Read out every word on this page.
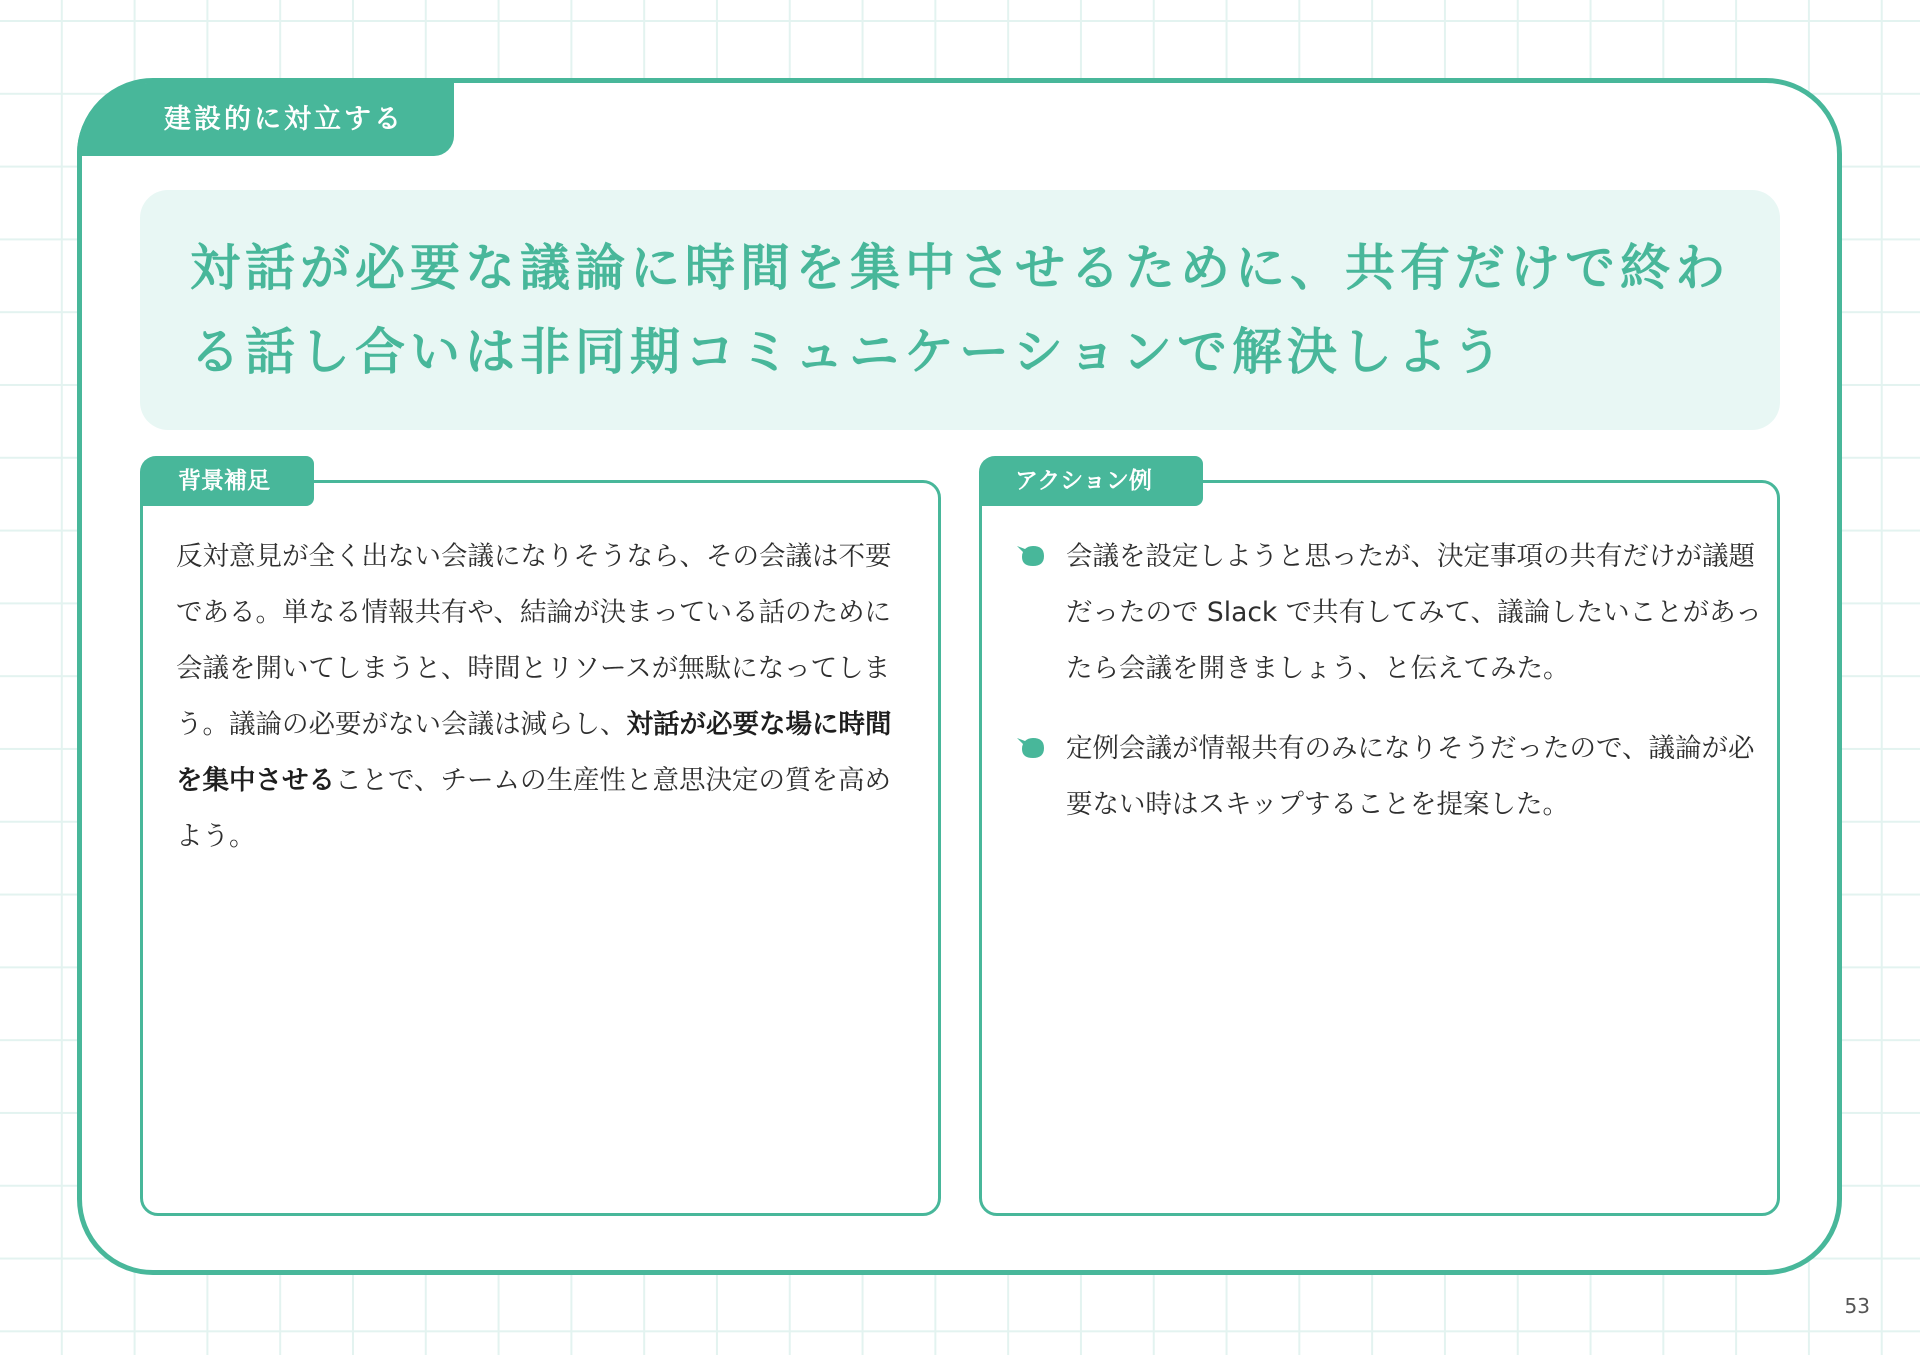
建設的に対立する
対話が必要な議論に時間を集中させるために、共有だけで終わ
る話し合いは非同期コミュニケーションで解決しよう
背景補足

反対意見が全く出ない会議になりそうなら、その会議は不要である。単なる情報共有や、結論が決まっている話のために会議を開いてしまうと、時間とリソースが無駄になってしまう。議論の必要がない会議は減らし、対話が必要な場に時間を集中させることで、チームの生産性と意思決定の質を高めよう。

アクション例
会議を設定しようと思ったが、決定事項の共有だけが議題だったので Slack で共有してみて、議論したいことがあったら会議を開きましょう、と伝えてみた。
定例会議が情報共有のみになりそうだったので、議論が必要ない時はスキップすることを提案した。
53
